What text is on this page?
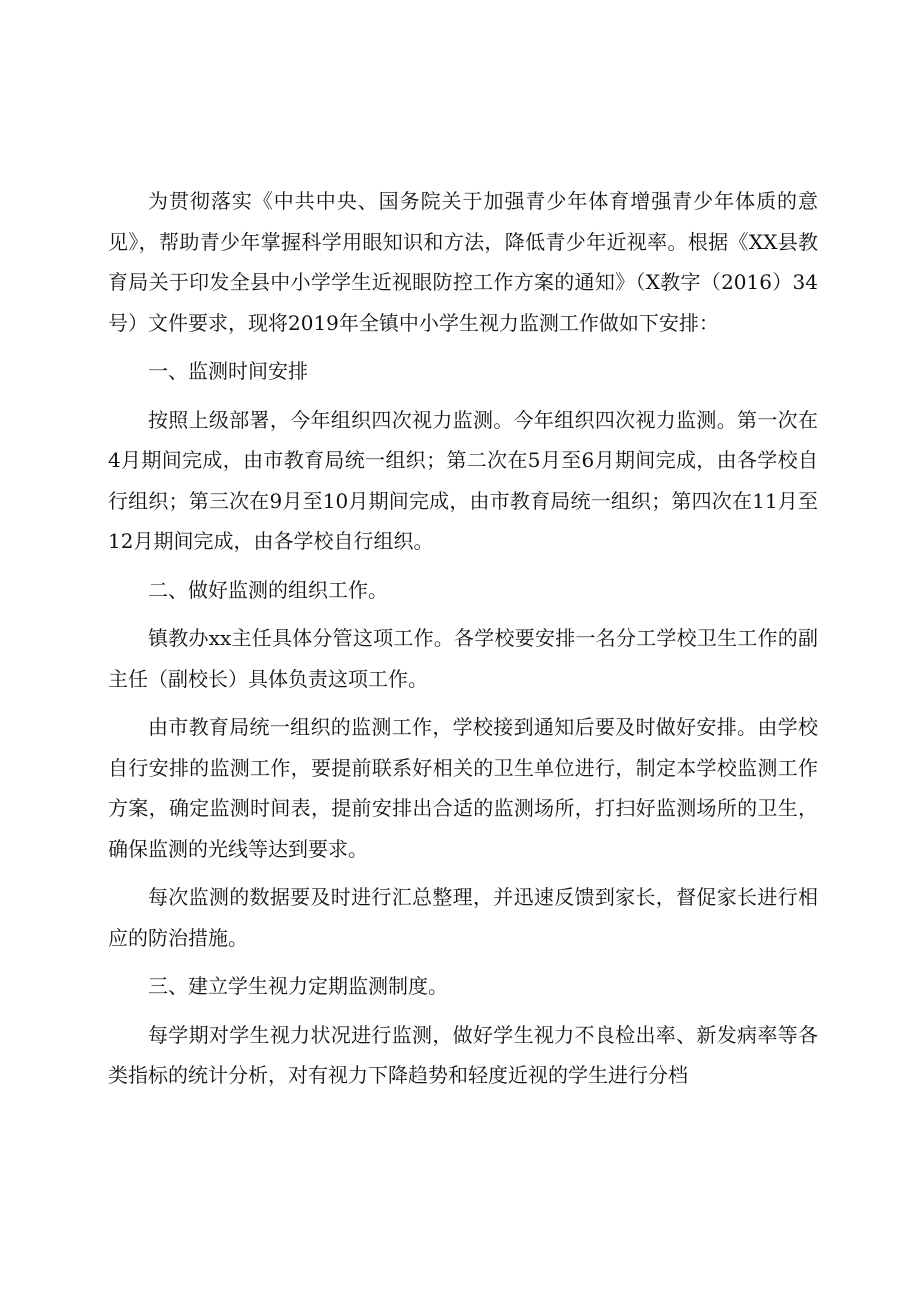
为贯彻落实《中共中央、国务院关于加强青少年体育增强青少年体质的意见》，帮助青少年掌握科学用眼知识和方法，降低青少年近视率。根据《XX县教育局关于印发全县中小学学生近视眼防控工作方案的通知》（X教字（2016）34号）文件要求，现将2019年全镇中小学生视力监测工作做如下安排：

一、监测时间安排

按照上级部署，今年组织四次视力监测。今年组织四次视力监测。第一次在4月期间完成，由市教育局统一组织；第二次在5月至6月期间完成，由各学校自行组织；第三次在9月至10月期间完成，由市教育局统一组织；第四次在11月至12月期间完成，由各学校自行组织。

二、做好监测的组织工作。

镇教办xx主任具体分管这项工作。各学校要安排一名分工学校卫生工作的副主任（副校长）具体负责这项工作。

由市教育局统一组织的监测工作，学校接到通知后要及时做好安排。由学校自行安排的监测工作，要提前联系好相关的卫生单位进行，制定本学校监测工作方案，确定监测时间表，提前安排出合适的监测场所，打扫好监测场所的卫生，确保监测的光线等达到要求。

每次监测的数据要及时进行汇总整理，并迅速反馈到家长，督促家长进行相应的防治措施。

三、建立学生视力定期监测制度。

每学期对学生视力状况进行监测，做好学生视力不良检出率、新发病率等各类指标的统计分析，对有视力下降趋势和轻度近视的学生进行分档
